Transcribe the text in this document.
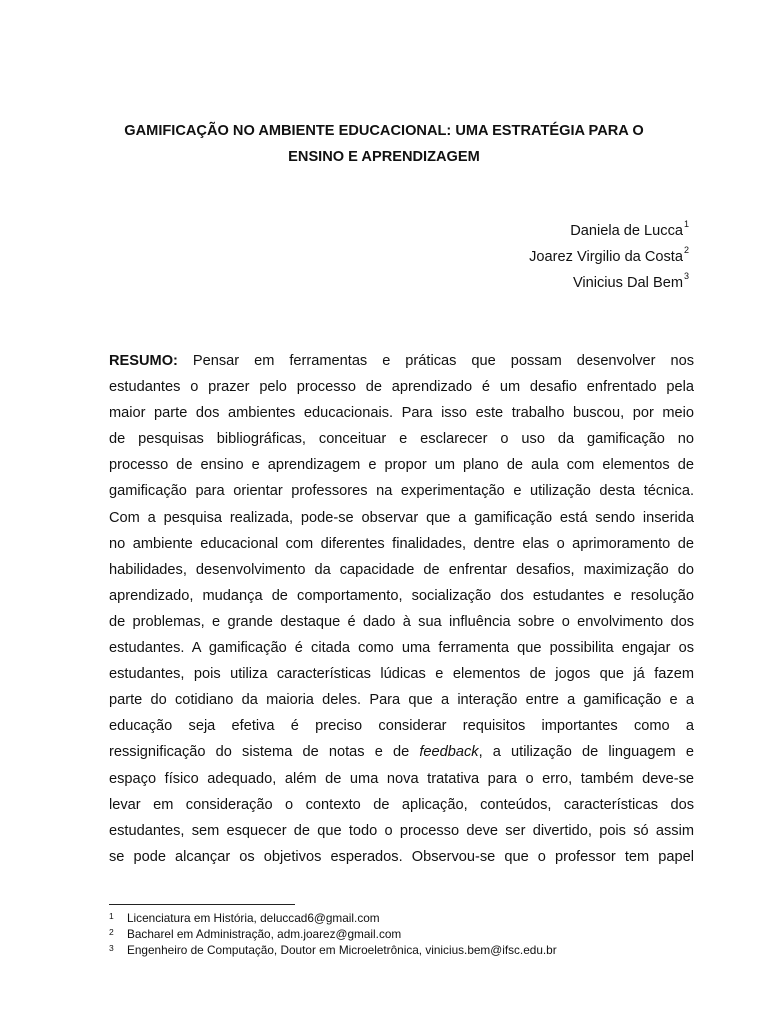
GAMIFICAÇÃO NO AMBIENTE EDUCACIONAL: UMA ESTRATÉGIA PARA O
ENSINO E APRENDIZAGEM
Daniela de Lucca$^1$
Joarez Virgilio da Costa$^2$
Vinicius Dal Bem$^3$
RESUMO: Pensar em ferramentas e práticas que possam desenvolver nos
estudantes o prazer pelo processo de aprendizado é um desafio enfrentado pela
maior parte dos ambientes educacionais. Para isso este trabalho buscou, por meio
de pesquisas bibliográficas, conceituar e esclarecer o uso da gamificação no
processo de ensino e aprendizagem e propor um plano de aula com elementos de
gamificação para orientar professores na experimentação e utilização desta técnica.
Com a pesquisa realizada, pode-se observar que a gamificação está sendo inserida
no ambiente educacional com diferentes finalidades, dentre elas o aprimoramento de
habilidades, desenvolvimento da capacidade de enfrentar desafios, maximização do
aprendizado, mudança de comportamento, socialização dos estudantes e resolução
de problemas, e grande destaque é dado à sua influência sobre o envolvimento dos
estudantes. A gamificação é citada como uma ferramenta que possibilita engajar os
estudantes, pois utiliza características lúdicas e elementos de jogos que já fazem
parte do cotidiano da maioria deles. Para que a interação entre a gamificação e a
educação seja efetiva é preciso considerar requisitos importantes como a
ressignificação do sistema de notas e de feedback, a utilização de linguagem e
espaço físico adequado, além de uma nova tratativa para o erro, também deve-se
levar em consideração o contexto de aplicação, conteúdos, características dos
estudantes, sem esquecer de que todo o processo deve ser divertido, pois só assim
se pode alcançar os objetivos esperados. Observou-se que o professor tem papel
1	Licenciatura em História, deluccad6@gmail.com
2	Bacharel em Administração, adm.joarez@gmail.com
3	Engenheiro de Computação, Doutor em Microeletrônica, vinicius.bem@ifsc.edu.br
